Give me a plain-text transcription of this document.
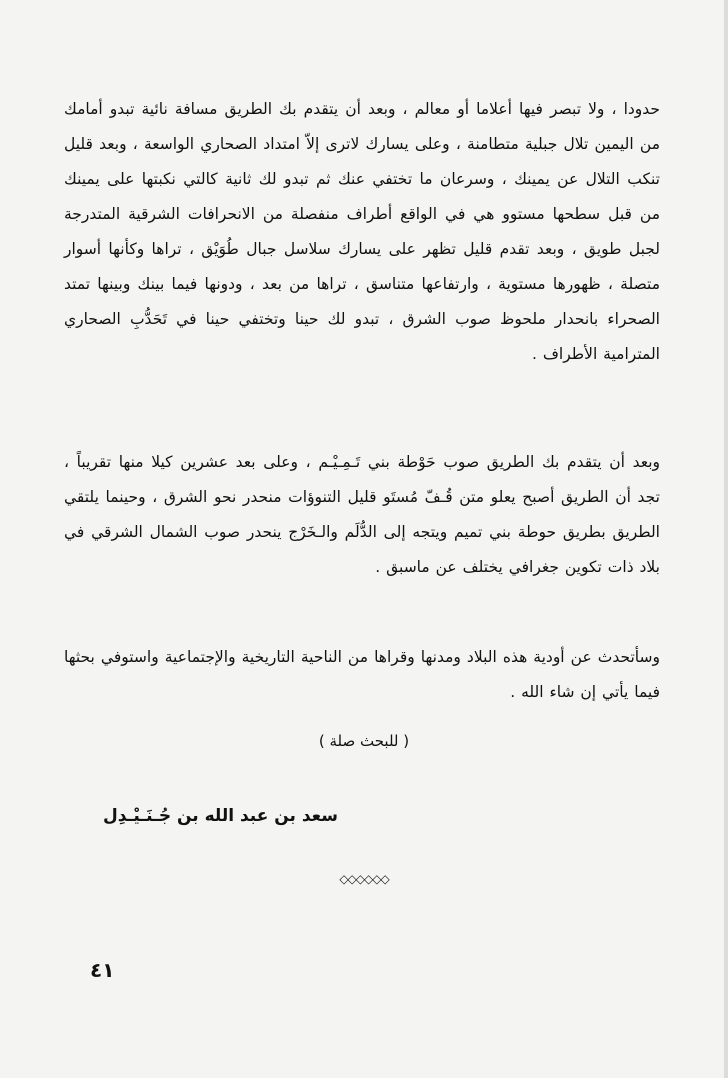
حدودا ، ولا تبصر فيها أعلاما أو معالم ، وبعد أن يتقدم بك الطريق مسافة نائية تبدو أمامك من اليمين تلال جبلية متطامنة ، وعلى يسارك لاترى إلاّ امتداد الصحاري الواسعة ، وبعد قليل تنكب التلال عن يمينك ، وسرعان ما تختفي عنك ثم تبدو لك ثانية كالتي نكبتها على يمينك من قبل سطحها مستوو هي في الواقع أطراف منفصلة من الانحرافات الشرقية المتدرجة لجبل طويق ، وبعد تقدم قليل تظهر على يسارك سلاسل جبال طُوَيْق ، تراها وكأنها أسوار متصلة ، ظهورها مستوية ، وارتفاعها متناسق ، تراها من بعد ، ودونها فيما بينك وبينها تمتد الصحراء بانحدار ملحوظ صوب الشرق ، تبدو لك حينا وتختفي حينا في تَحَدُّبِ الصحاري المترامية الأطراف .

وبعد أن يتقدم بك الطريق صوب حَوْطة بني تَـمِـيْـم ، وعلى بعد عشرين كيلا منها تقريباً ، تجد أن الطريق أصبح يعلو متن قُـفّ مُستَو قليل التنوؤات منحدر نحو الشرق ، وحينما يلتقي الطريق بطريق حوطة بني تميم ويتجه إلى الدُّلَم والـخَرْج ينحدر صوب الشمال الشرقي في بلاد ذات تكوين جغرافي يختلف عن ماسبق .

وسأتحدث عن أودية هذه البلاد ومدنها وقراها من الناحية التاريخية والإجتماعية واستوفي بحثها فيما يأتي إن شاء الله .

( للبحث صلة )
سعد بن عبد الله بن جُـنَـيْـدِل
◇◇◇◇◇◇
٤١
